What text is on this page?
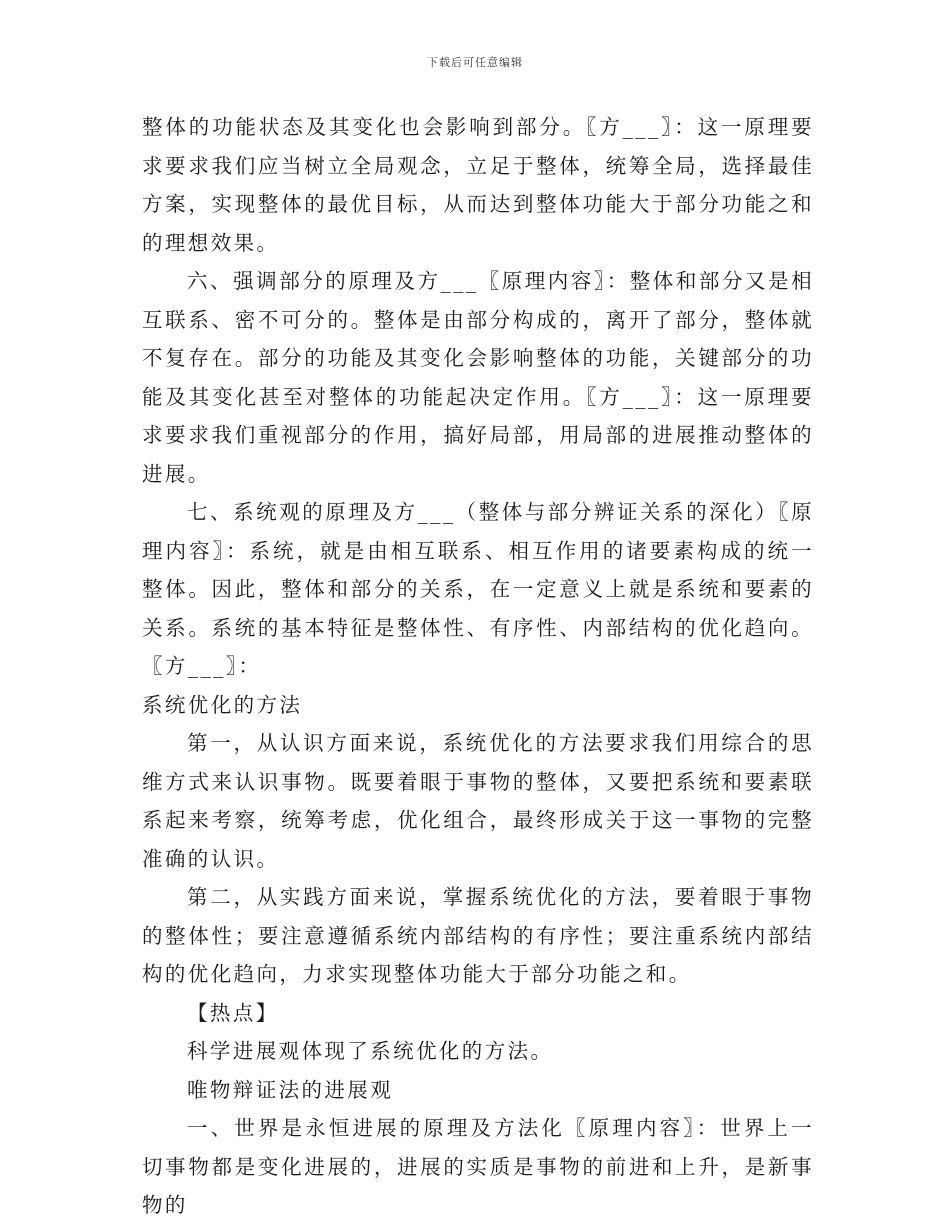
下载后可任意编辑

整体的功能状态及其变化也会影响到部分。〖方___〗：这一原理要求要求我们应当树立全局观念，立足于整体，统筹全局，选择最佳方案，实现整体的最优目标，从而达到整体功能大于部分功能之和的理想效果。

六、强调部分的原理及方___〖原理内容〗：整体和部分又是相互联系、密不可分的。整体是由部分构成的，离开了部分，整体就不复存在。部分的功能及其变化会影响整体的功能，关键部分的功能及其变化甚至对整体的功能起决定作用。〖方___〗：这一原理要求要求我们重视部分的作用，搞好局部，用局部的进展推动整体的进展。

七、系统观的原理及方___（整体与部分辨证关系的深化）〖原理内容〗：系统，就是由相互联系、相互作用的诸要素构成的统一整体。因此，整体和部分的关系，在一定意义上就是系统和要素的关系。系统的基本特征是整体性、有序性、内部结构的优化趋向。〖方___〗：

系统优化的方法

第一，从认识方面来说，系统优化的方法要求我们用综合的思维方式来认识事物。既要着眼于事物的整体，又要把系统和要素联系起来考察，统筹考虑，优化组合，最终形成关于这一事物的完整准确的认识。

第二，从实践方面来说，掌握系统优化的方法，要着眼于事物的整体性；要注意遵循系统内部结构的有序性；要注重系统内部结构的优化趋向，力求实现整体功能大于部分功能之和。

【热点】

科学进展观体现了系统优化的方法。

唯物辩证法的进展观

一、世界是永恒进展的原理及方法化〖原理内容〗：世界上一切事物都是变化进展的，进展的实质是事物的前进和上升，是新事物的
